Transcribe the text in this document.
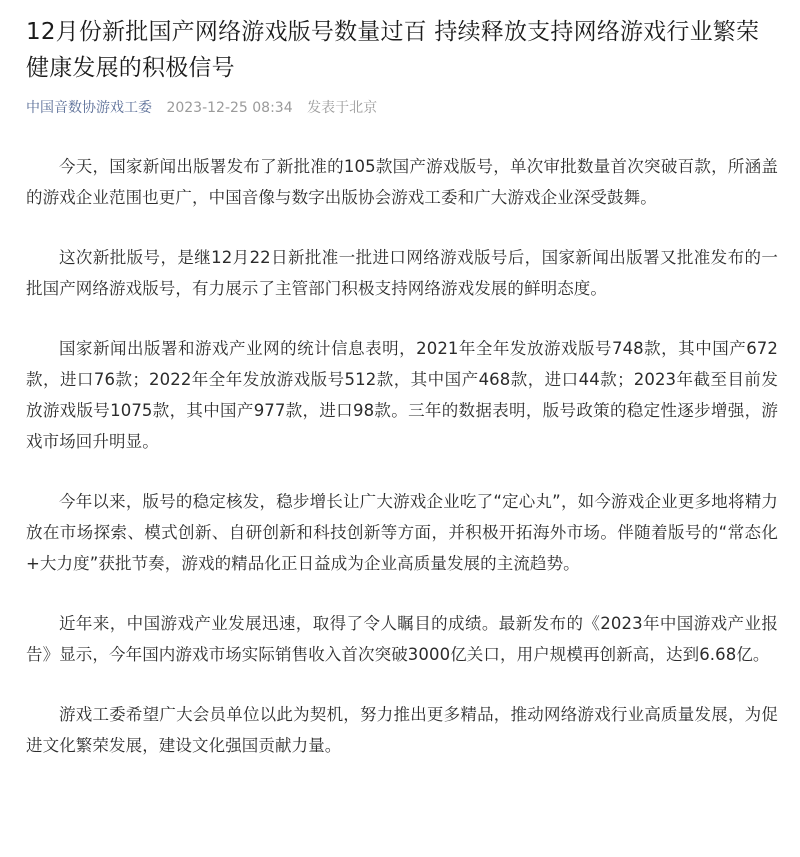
12月份新批国产网络游戏版号数量过百 持续释放支持网络游戏行业繁荣健康发展的积极信号
中国音数协游戏工委 2023-12-25 08:34 发表于北京

今天，国家新闻出版署发布了新批准的105款国产游戏版号，单次审批数量首次突破百款，所涵盖的游戏企业范围也更广，中国音像与数字出版协会游戏工委和广大游戏企业深受鼓舞。

这次新批版号，是继12月22日新批准一批进口网络游戏版号后，国家新闻出版署又批准发布的一批国产网络游戏版号，有力展示了主管部门积极支持网络游戏发展的鲜明态度。

国家新闻出版署和游戏产业网的统计信息表明，2021年全年发放游戏版号748款，其中国产672款，进口76款；2022年全年发放游戏版号512款，其中国产468款，进口44款；2023年截至目前发放游戏版号1075款，其中国产977款，进口98款。三年的数据表明，版号政策的稳定性逐步增强，游戏市场回升明显。

今年以来，版号的稳定核发，稳步增长让广大游戏企业吃了“定心丸”，如今游戏企业更多地将精力放在市场探索、模式创新、自研创新和科技创新等方面，并积极开拓海外市场。伴随着版号的“常态化+大力度”获批节奏，游戏的精品化正日益成为企业高质量发展的主流趋势。

近年来，中国游戏产业发展迅速，取得了令人瞩目的成绩。最新发布的《2023年中国游戏产业报告》显示，今年国内游戏市场实际销售收入首次突破3000亿关口，用户规模再创新高，达到6.68亿。

游戏工委希望广大会员单位以此为契机，努力推出更多精品，推动网络游戏行业高质量发展，为促进文化繁荣发展，建设文化强国贡献力量。
